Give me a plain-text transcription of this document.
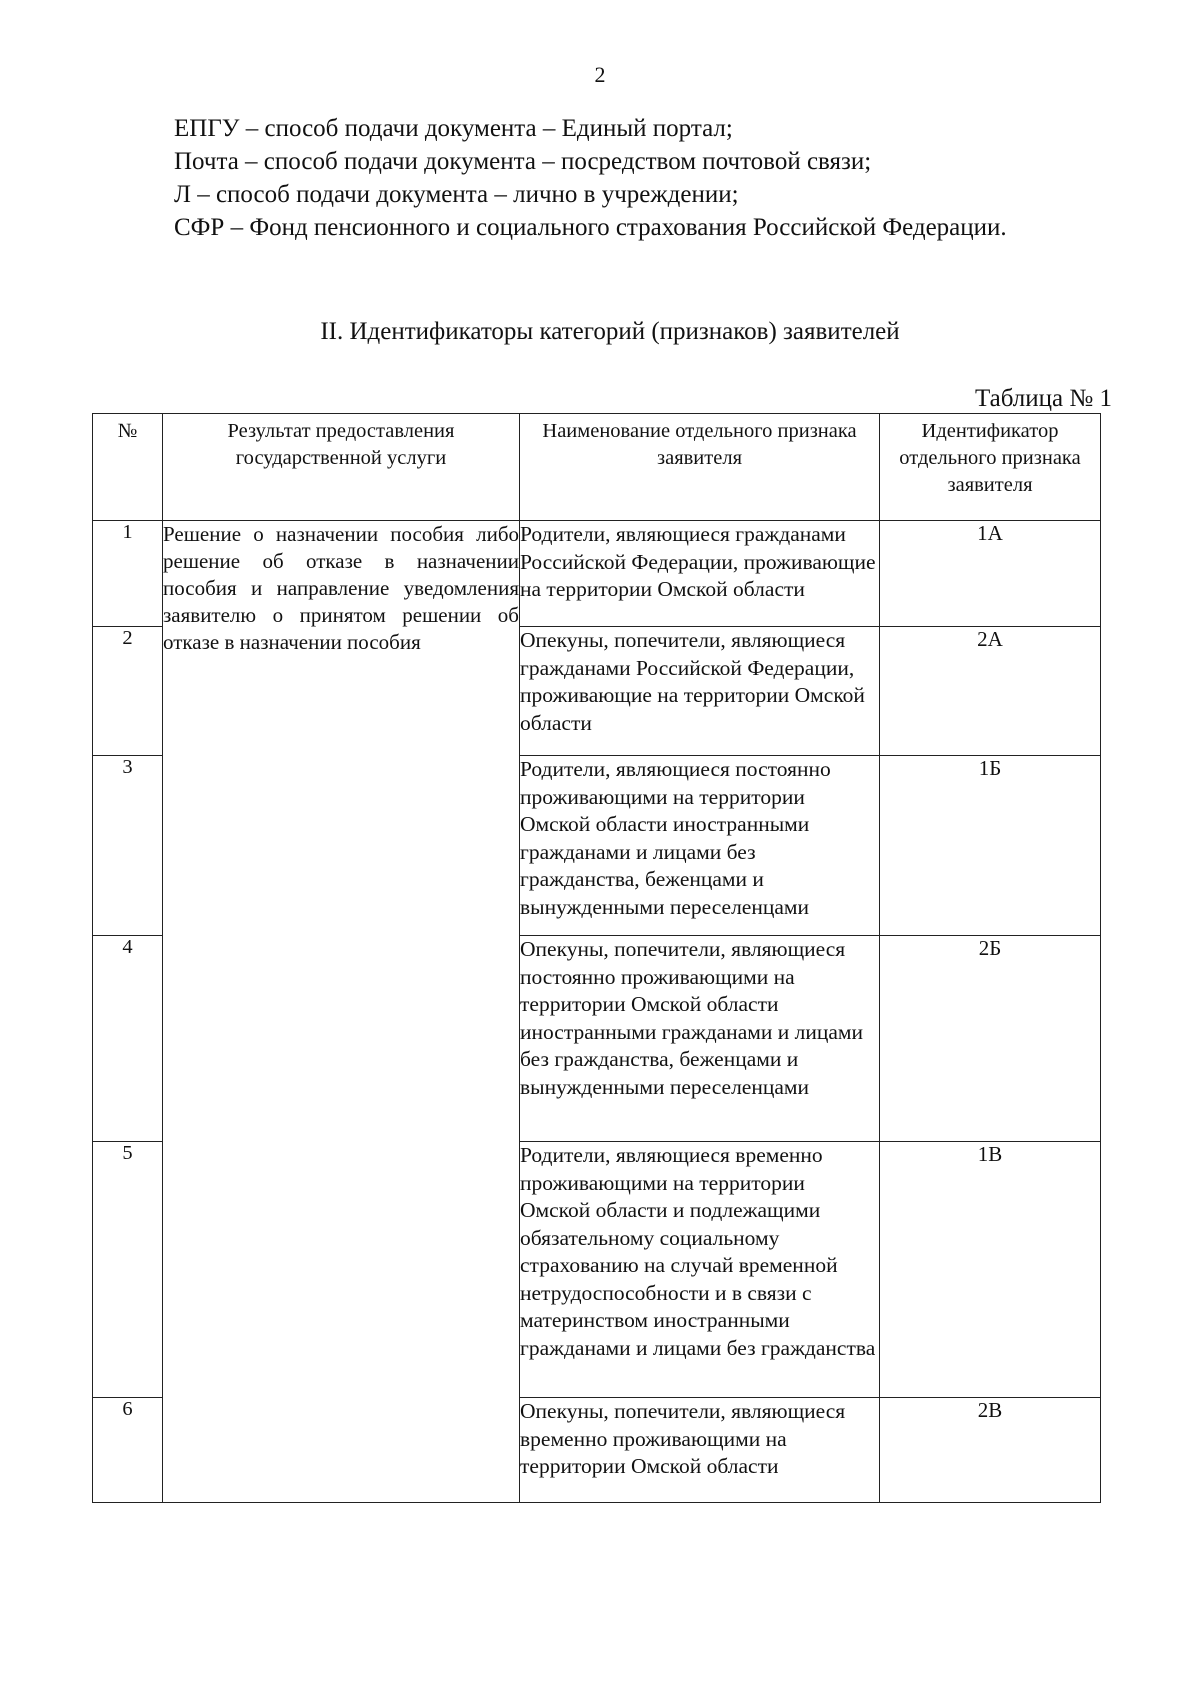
2

ЕПГУ – способ подачи документа – Единый портал;

Почта – способ подачи документа – посредством почтовой связи;

Л – способ подачи документа – лично в учреждении;

СФР – Фонд пенсионного и социального страхования Российской Федерации.

II. Идентификаторы категорий (признаков) заявителей
Таблица № 1
№	Результат предоставления государственной услуги	Наименование отдельного признака заявителя	Идентификатор отдельного признака заявителя
1	Решение о назначении пособия либо решение об отказе в назначении пособия и направление уведомления заявителю о принятом решении об отказе в назначении пособия	Родители, являющиеся гражданами Российской Федерации, проживающие на территории Омской области	1А
2		Опекуны, попечители, являющиеся гражданами Российской Федерации, проживающие на территории Омской области	2А
3		Родители, являющиеся постоянно проживающими на территории Омской области иностранными гражданами и лицами без гражданства, беженцами и вынужденными переселенцами	1Б
4		Опекуны, попечители, являющиеся постоянно проживающими на территории Омской области иностранными гражданами и лицами без гражданства, беженцами и вынужденными переселенцами	2Б
5		Родители, являющиеся временно проживающими на территории Омской области и подлежащими обязательному социальному страхованию на случай временной нетрудоспособности и в связи с материнством иностранными гражданами и лицами без гражданства	1В
6		Опекуны, попечители, являющиеся временно проживающими на территории Омской области	2В
